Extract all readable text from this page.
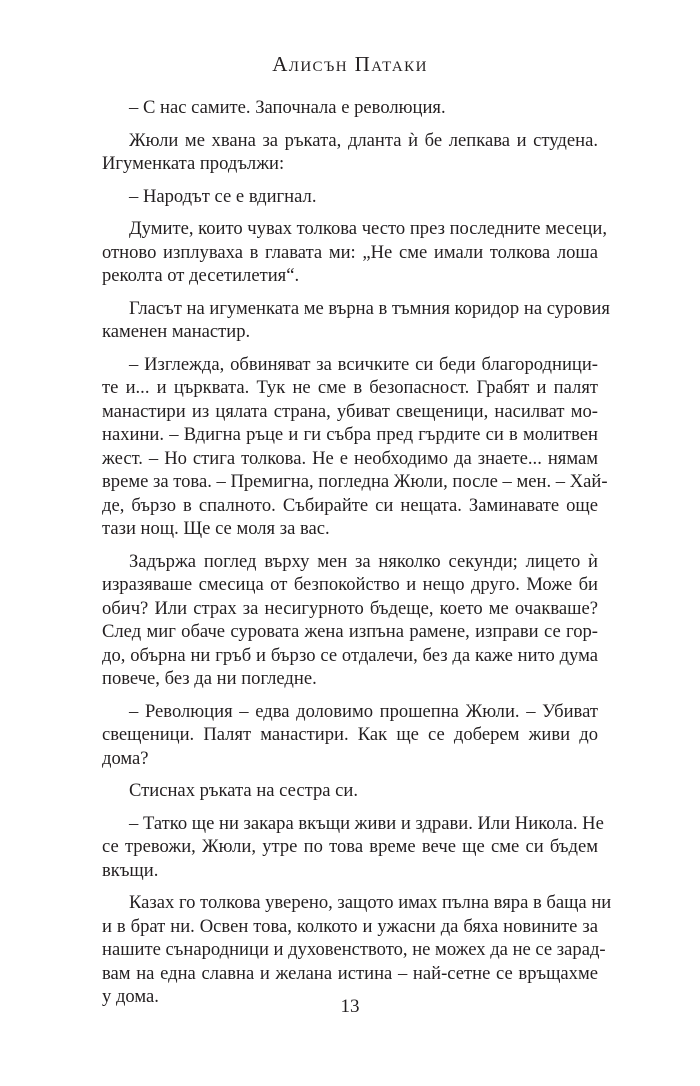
Алисън Патаки
– С нас самите. Започнала е революция.
Жюли ме хвана за ръката, дланта ѝ бе лепкава и студена.
Игуменката продължи:
– Народът се е вдигнал.
Думите, които чувах толкова често през последните месеци,
отново изплуваха в главата ми: „Не сме имали толкова лоша
реколта от десетилетия“.
Гласът на игуменката ме върна в тъмния коридор на суровия
каменен манастир.
– Изглежда, обвиняват за всичките си беди благородници-
те и... и църквата. Тук не сме в безопасност. Грабят и палят
манастири из цялата страна, убиват свещеници, насилват мо-
нахини. – Вдигна ръце и ги събра пред гърдите си в молитвен
жест. – Но стига толкова. Не е необходимо да знаете... нямам
време за това. – Премигна, погледна Жюли, после – мен. – Хай-
де, бързо в спалнотo. Събирайте си нещата. Заминавате още
тази нощ. Ще се моля за вас.
Задържа поглед върху мен за няколко секунди; лицето ѝ
изразяваше смесица от безпокойство и нещо друго. Може би
обич? Или страх за несигурното бъдеще, което ме очакваше?
След миг обаче суровата жена изпъна рамене, изправи се гор-
до, обърна ни гръб и бързо се отдалечи, без да каже нито дума
повече, без да ни погледне.
– Революция – едва доловимо прошепна Жюли. – Убиват
свещеници. Палят манастири. Как ще се доберем живи до
дома?
Стиснах ръката на сестра си.
– Татко ще ни закара вкъщи живи и здрави. Или Никола. Не
се тревожи, Жюли, утре по това време вече ще сме си бъдем
вкъщи.
Казах го толкова уверено, защото имах пълна вяра в баща ни
и в брат ни. Освен това, колкото и ужасни да бяха новините за
нашите сънародници и духовенството, не можех да не се зарад-
вам на една славна и желана истина – най-сетне се връщахме
у дома.	13
